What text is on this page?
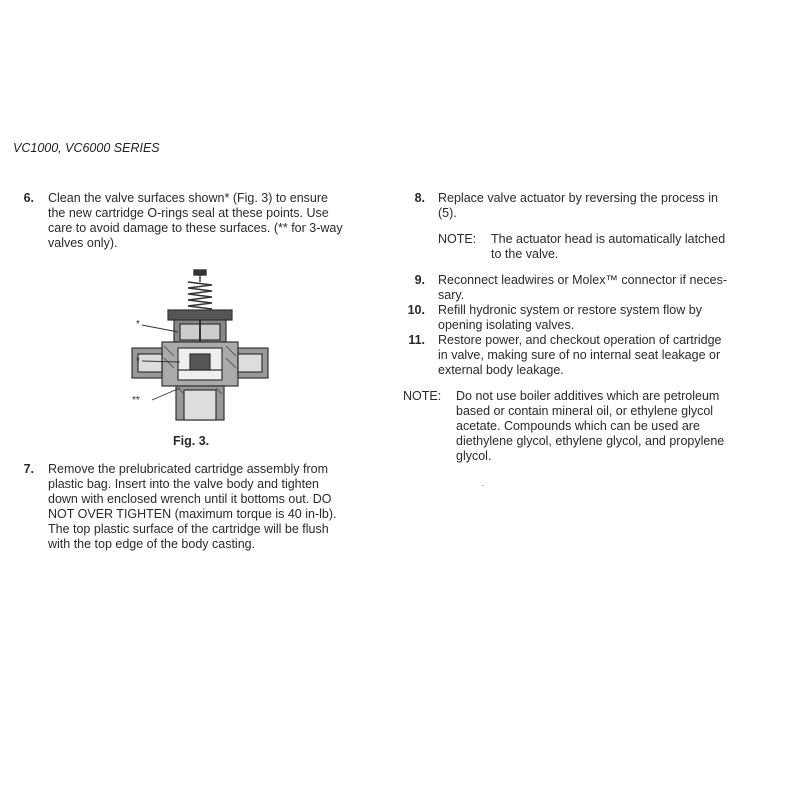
VC1000, VC6000 SERIES
6. Clean the valve surfaces shown* (Fig. 3) to ensure
the new cartridge O-rings seal at these points. Use
care to avoid damage to these surfaces. (** for 3-way
valves only).
*
*
**
Fig. 3.
7. Remove the prelubricated cartridge assembly from
plastic bag. Insert into the valve body and tighten
down with enclosed wrench until it bottoms out. DO
NOT OVER TIGHTEN (maximum torque is 40 in-lb).
The top plastic surface of the cartridge will be flush
with the top edge of the body casting.
8. Replace valve actuator by reversing the process in
(5).
NOTE: The actuator head is automatically latched
to the valve.
9. Reconnect leadwires or Molex™ connector if neces-
sary.
10. Refill hydronic system or restore system flow by
opening isolating valves.
11. Restore power, and checkout operation of cartridge
in valve, making sure of no internal seat leakage or
external body leakage.
NOTE: Do not use boiler additives which are petroleum
based or contain mineral oil, or ethylene glycol
acetate. Compounds which can be used are
diethylene glycol, ethylene glycol, and propylene
glycol.
